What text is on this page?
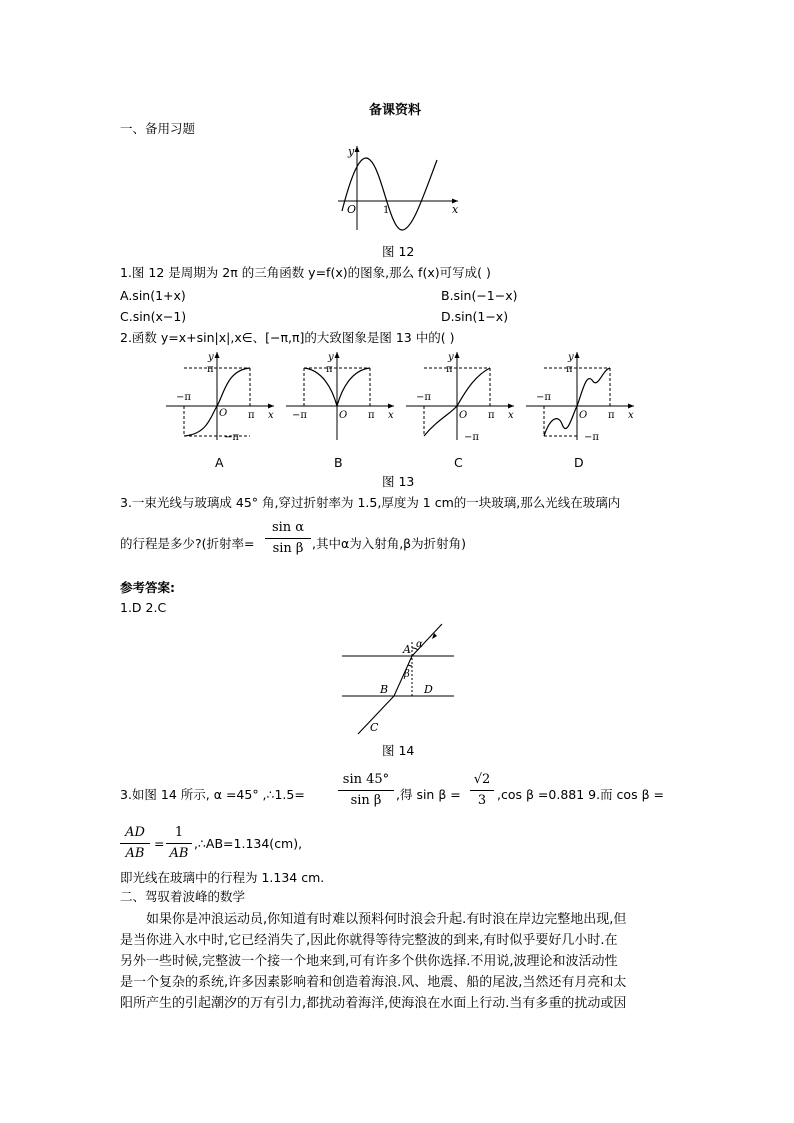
备课资料
一、备用习题
y
x
O	1
图 12
1.图 12 是周期为 2π 的三角函数 y=f(x)的图象,那么 f(x)可写成( )
A.sin(1+x)	B.sin(−1−x)
C.sin(x−1)	D.sin(1−x)
2.函数 y=x+sin|x|,x∈、[−π,π]的大致图象是图 13 中的( )
y
x
O
π
−π
π
−π
y
x
O
π
−π	π
y
x
O
π
−π
π
−π
y
x
O
π
−π
π
−π
A	B	C	D
图 13
3.一束光线与玻璃成 45° 角,穿过折射率为 1.5,厚度为 1 cm的一块玻璃,那么光线在玻璃内
的行程是多少?(折射率=
sin α
sin β ,其中α为入射角,β为折射角)
参考答案:
1.D 2.C
A α
β
B	D
C
图 14
3.如图 14 所示, α =45° ,∴1.5=
sin 45°
sin β	,得 sin β =
√2
3 ,cos β =0.881 9.而 cos β =
AD
AB
=
1
AB
,∴AB=1.134(cm),
即光线在玻璃中的行程为 1.134 cm.
二、驾驭着波峰的数学
如果你是冲浪运动员,你知道有时难以预料何时浪会升起.有时浪在岸边完整地出现,但
是当你进入水中时,它已经消失了,因此你就得等待完整波的到来,有时似乎要好几小时.在
另外一些时候,完整波一个接一个地来到,可有许多个供你选择.不用说,波理论和波活动性
是一个复杂的系统,许多因素影响着和创造着海浪.风、地震、船的尾波,当然还有月亮和太
阳所产生的引起潮汐的万有引力,都扰动着海洋,使海浪在水面上行动.当有多重的扰动或因
